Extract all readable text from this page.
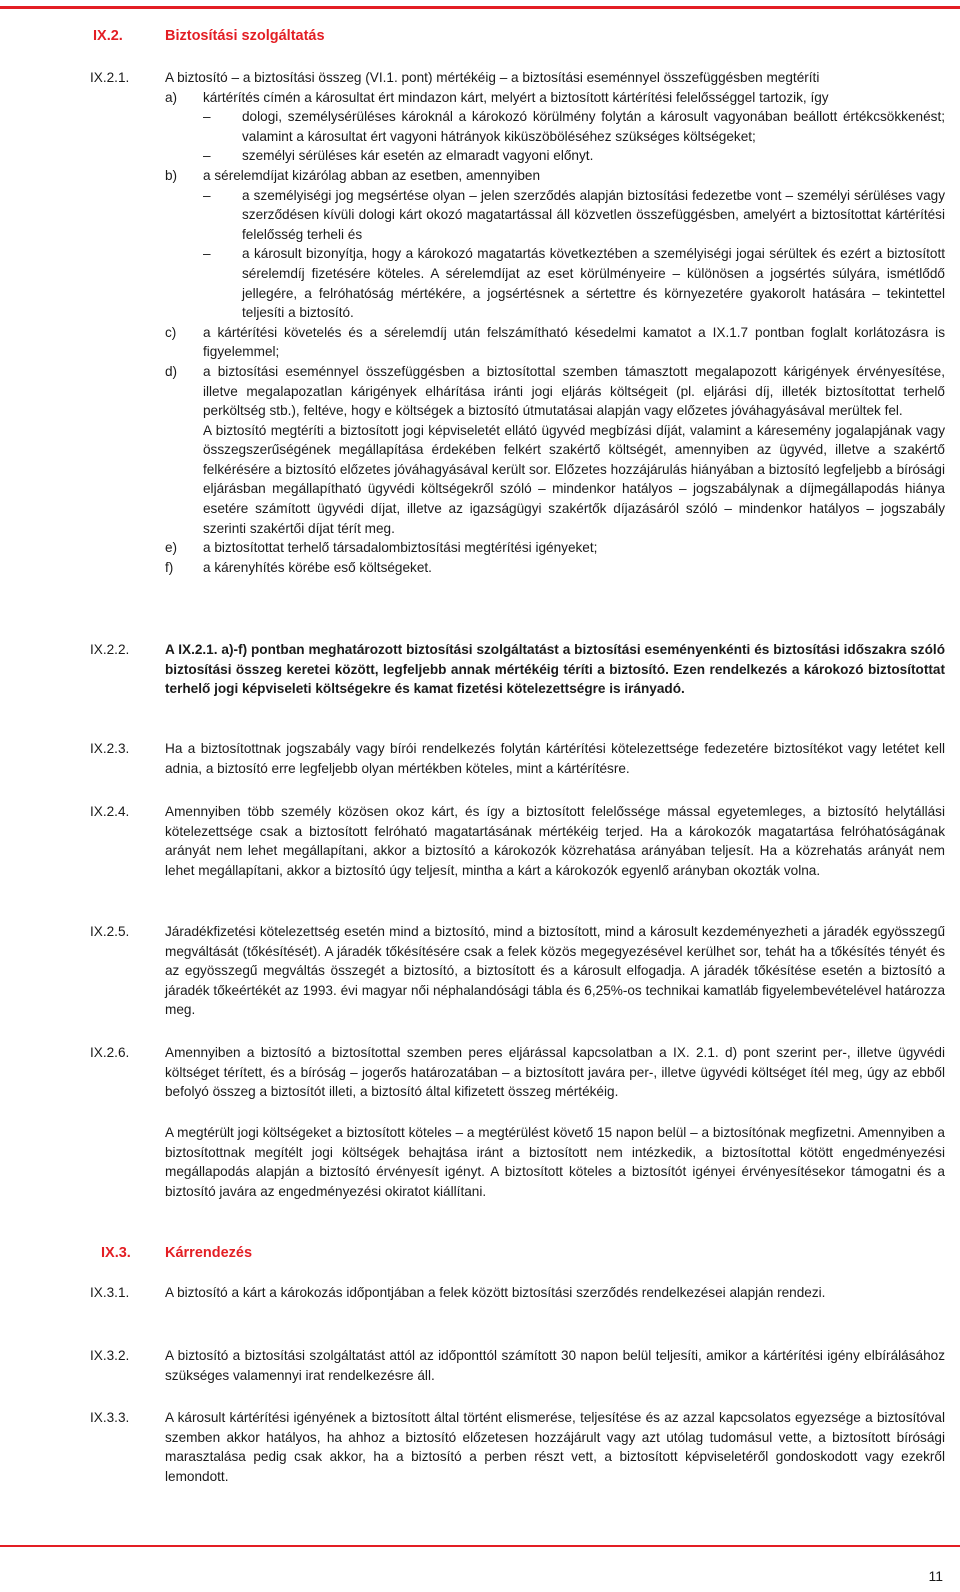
IX.2.	Biztosítási szolgáltatás
IX.2.1.	A biztosító – a biztosítási összeg (VI.1. pont) mértékéig – a biztosítási eseménnyel összefüggésben megtéríti

a)	kártérítés címén a károsultat ért mindazon kárt, melyért a biztosított kártérítési felelősséggel tartozik, így
–	dologi, személysérüléses károknál a károkozó körülmény folytán a károsult vagyonában beállott értékcsökkenést; valamint a károsultat ért vagyoni hátrányok kiküszöböléséhez szükséges költségeket;
–	személyi sérüléses kár esetén az elmaradt vagyoni előnyt.
b)	a sérelemdíjat kizárólag abban az esetben, amennyiben
–	a személyiségi jog megsértése olyan – jelen szerződés alapján biztosítási fedezetbe vont – személyi sérüléses vagy szerződésen kívüli dologi kárt okozó magatartással áll közvetlen összefüggésben, amelyért a biztosítottat kártérítési felelősség terheli és
–	a károsult bizonyítja, hogy a károkozó magatartás következtében a személyiségi jogai sérültek és ezért a biztosított sérelemdíj fizetésére köteles. A sérelemdíjat az eset körülményeire – különösen a jogsértés súlyára, ismétlődő jellegére, a felróhatóság mértékére, a jogsértésnek a sértettre és környezetére gyakorolt hatására – tekintettel teljesíti a biztosító.
c)	a kártérítési követelés és a sérelemdíj után felszámítható késedelmi kamatot a IX.1.7 pontban foglalt korlátozásra is figyelemmel;
d)	a biztosítási eseménnyel összefüggésben a biztosítottal szemben támasztott megalapozott kárigények érvényesítése, illetve megalapozatlan kárigények elhárítása iránti jogi eljárás költségeit (pl. eljárási díj, illeték biztosítottat terhelő perköltség stb.), feltéve, hogy e költségek a biztosító útmutatásai alapján vagy előzetes jóváhagyásával merültek fel.
A biztosító megtéríti a biztosított jogi képviseletét ellátó ügyvéd megbízási díját, valamint a káresemény jogalapjának vagy összegszerűségének megállapítása érdekében felkért szakértő költségét, amennyiben az ügyvéd, illetve a szakértő felkérésére a biztosító előzetes jóváhagyásával került sor. Előzetes hozzájárulás hiányában a biztosító legfeljebb a bírósági eljárásban megállapítható ügyvédi költségekről szóló – mindenkor hatályos – jogszabálynak a díjmegállapodás hiánya esetére számított ügyvédi díjat, illetve az igazságügyi szakértők díjazásáról szóló – mindenkor hatályos – jogszabály szerinti szakértői díjat térít meg.
e)	a biztosítottat terhelő társadalombiztosítási megtérítési igényeket;
f)	a kárenyhítés körébe eső költségeket.
IX.2.2.	A IX.2.1. a)-f) pontban meghatározott biztosítási szolgáltatást a biztosítási eseményenkénti és biztosítási időszakra szóló biztosítási összeg keretei között, legfeljebb annak mértékéig téríti a biztosító. Ezen rendelkezés a károkozó biztosítottat terhelő jogi képviseleti költségekre és kamat fizetési kötelezettségre is irányadó.
IX.2.3.	Ha a biztosítottnak jogszabály vagy bírói rendelkezés folytán kártérítési kötelezettsége fedezetére biztosítékot vagy letétet kell adnia, a biztosító erre legfeljebb olyan mértékben köteles, mint a kártérítésre.
IX.2.4.	Amennyiben több személy közösen okoz kárt, és így a biztosított felelőssége mással egyetemleges, a biztosító helytállási kötelezettsége csak a biztosított felróható magatartásának mértékéig terjed. Ha a károkozók magatartása felróhatóságának arányát nem lehet megállapítani, akkor a biztosító a károkozók közrehatása arányában teljesít. Ha a közrehatás arányát nem lehet megállapítani, akkor a biztosító úgy teljesít, mintha a kárt a károkozók egyenlő arányban okozták volna.
IX.2.5.	Járadékfizetési kötelezettség esetén mind a biztosító, mind a biztosított, mind a károsult kezdeményezheti a járadék egyösszegű megváltását (tőkésítését). A járadék tőkésítésére csak a felek közös megegyezésével kerülhet sor, tehát ha a tőkésítés tényét és az egyösszegű megváltás összegét a biztosító, a biztosított és a károsult elfogadja. A járadék tőkésítése esetén a biztosító a járadék tőkeértékét az 1993. évi magyar női néphalandósági tábla és 6,25%-os technikai kamatláb figyelembevételével határozza meg.
IX.2.6.	Amennyiben a biztosító a biztosítottal szemben peres eljárással kapcsolatban a IX. 2.1. d) pont szerint per-, illetve ügyvédi költséget térített, és a bíróság – jogerős határozatában – a biztosított javára per-, illetve ügyvédi költséget ítél meg, úgy az ebből befolyó összeg a biztosítót illeti, a biztosító által kifizetett összeg mértékéig.
A megtérült jogi költségeket a biztosított köteles – a megtérülést követő 15 napon belül – a biztosítónak megfizetni. Amennyiben a biztosítottnak megítélt jogi költségek behajtása iránt a biztosított nem intézkedik, a biztosítottal kötött engedményezési megállapodás alapján a biztosító érvényesít igényt. A biztosított köteles a biztosítót igényei érvényesítésekor támogatni és a biztosító javára az engedményezési okiratot kiállítani.
IX.3. Kárrendezés
IX.3.1.	A biztosító a kárt a károkozás időpontjában a felek között biztosítási szerződés rendelkezései alapján rendezi.
IX.3.2.	A biztosító a biztosítási szolgáltatást attól az időponttól számított 30 napon belül teljesíti, amikor a kártérítési igény elbírálásához szükséges valamennyi irat rendelkezésre áll.
IX.3.3.	A károsult kártérítési igényének a biztosított által történt elismerése, teljesítése és az azzal kapcsolatos egyezsége a biztosítóval szemben akkor hatályos, ha ahhoz a biztosító előzetesen hozzájárult vagy azt utólag tudomásul vette, a biztosított bírósági marasztalása pedig csak akkor, ha a biztosító a perben részt vett, a biztosított képviseletéről gondoskodott vagy ezekről lemondott.
11
